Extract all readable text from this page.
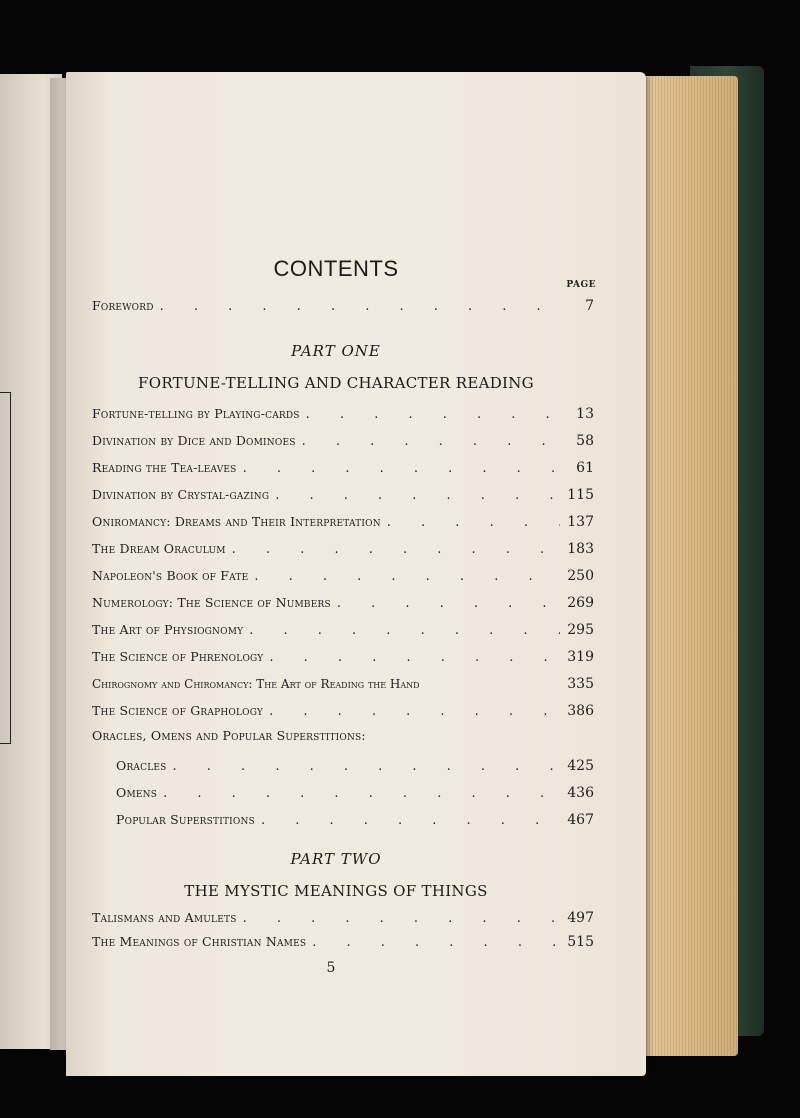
CONTENTS
PAGE
Foreword . . .	7
PART ONE
FORTUNE-TELLING AND CHARACTER READING
Fortune-telling by Playing-cards . . .	13
Divination by Dice and Dominoes . . .	58
Reading the Tea-leaves . . .	61
Divination by Crystal-gazing . . .	115
Oniromancy: Dreams and Their Interpretation . . .	137
The Dream Oraculum . . .	183
Napoleon's Book of Fate . . .	250
Numerology: The Science of Numbers . . .	269
The Art of Physiognomy . . .	295
The Science of Phrenology . . .	319
Chirognomy and Chiromancy: The Art of Reading the Hand	335
The Science of Graphology . . .	386
Oracles, Omens and Popular Superstitions:
Oracles . . .	425
Omens . . .	436
Popular Superstitions . . .	467
PART TWO
THE MYSTIC MEANINGS OF THINGS
Talismans and Amulets . . .	497
The Meanings of Christian Names . . .	515
5
